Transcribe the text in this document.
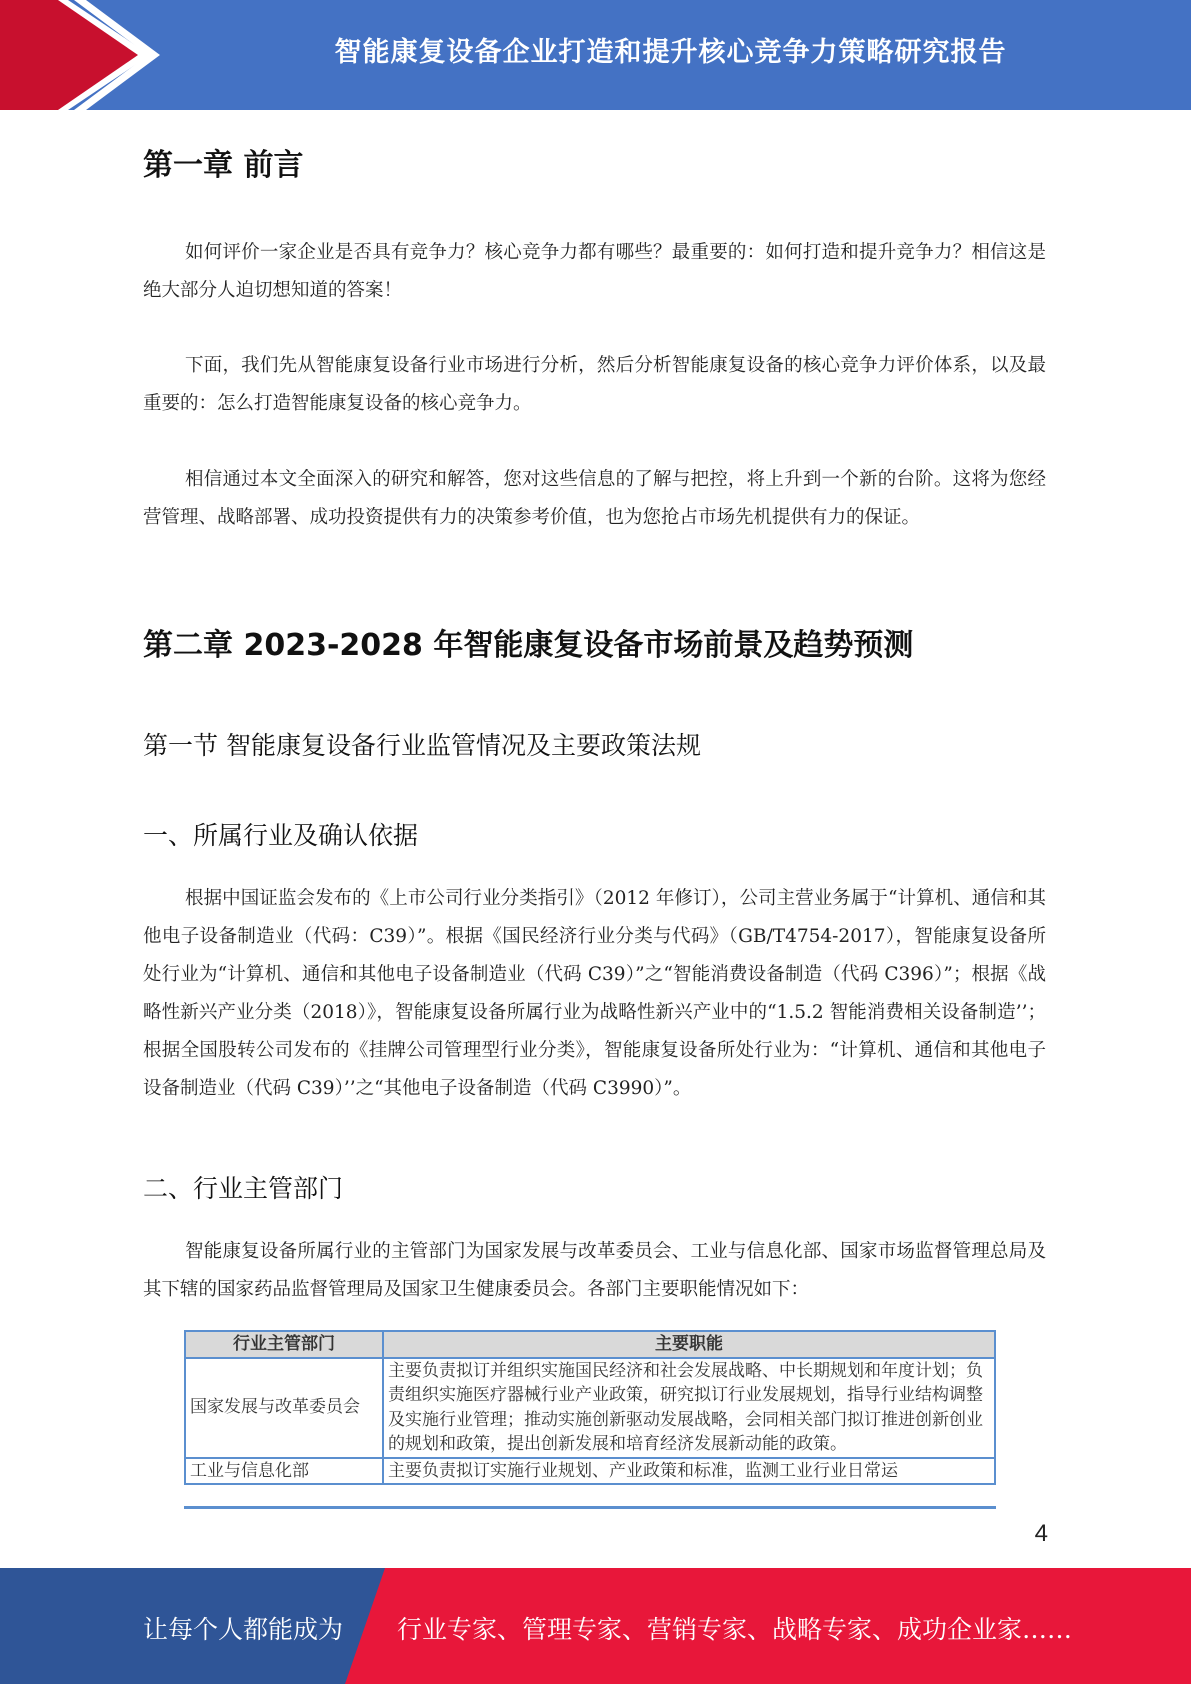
智能康复设备企业打造和提升核心竞争力策略研究报告
第一章 前言

如何评价一家企业是否具有竞争力？核心竞争力都有哪些？最重要的：如何打造和提升竞争力？相信这是绝大部分人迫切想知道的答案！

下面，我们先从智能康复设备行业市场进行分析，然后分析智能康复设备的核心竞争力评价体系，以及最重要的：怎么打造智能康复设备的核心竞争力。

相信通过本文全面深入的研究和解答，您对这些信息的了解与把控，将上升到一个新的台阶。这将为您经营管理、战略部署、成功投资提供有力的决策参考价值，也为您抢占市场先机提供有力的保证。

第二章 2023-2028 年智能康复设备市场前景及趋势预测
第一节 智能康复设备行业监管情况及主要政策法规
一、所属行业及确认依据

根据中国证监会发布的《上市公司行业分类指引》（2012 年修订），公司主营业务属于“计算机、通信和其他电子设备制造业（代码：C39）”。根据《国民经济行业分类与代码》（GB/T4754-2017），智能康复设备所处行业为“计算机、通信和其他电子设备制造业（代码 C39）”之“智能消费设备制造（代码 C396）”；根据《战略性新兴产业分类（2018）》，智能康复设备所属行业为战略性新兴产业中的“1.5.2 智能消费相关设备制造’’；根据全国股转公司发布的《挂牌公司管理型行业分类》，智能康复设备所处行业为：“计算机、通信和其他电子设备制造业（代码 C39）’’之“其他电子设备制造（代码 C3990）”。

二、行业主管部门

智能康复设备所属行业的主管部门为国家发展与改革委员会、工业与信息化部、国家市场监督管理总局及其下辖的国家药品监督管理局及国家卫生健康委员会。各部门主要职能情况如下：

行业主管部门	主要职能
国家发展与改革委员会	主要负责拟订并组织实施国民经济和社会发展战略、中长期规划和年度计划；负责组织实施医疗器械行业产业政策，研究拟订行业发展规划，指导行业结构调整及实施行业管理；推动实施创新驱动发展战略，会同相关部门拟订推进创新创业的规划和政策，提出创新发展和培育经济发展新动能的政策。
工业与信息化部	主要负责拟订实施行业规划、产业政策和标准，监测工业行业日常运
4
让每个人都能成为 行业专家、管理专家、营销专家、战略专家、成功企业家……
